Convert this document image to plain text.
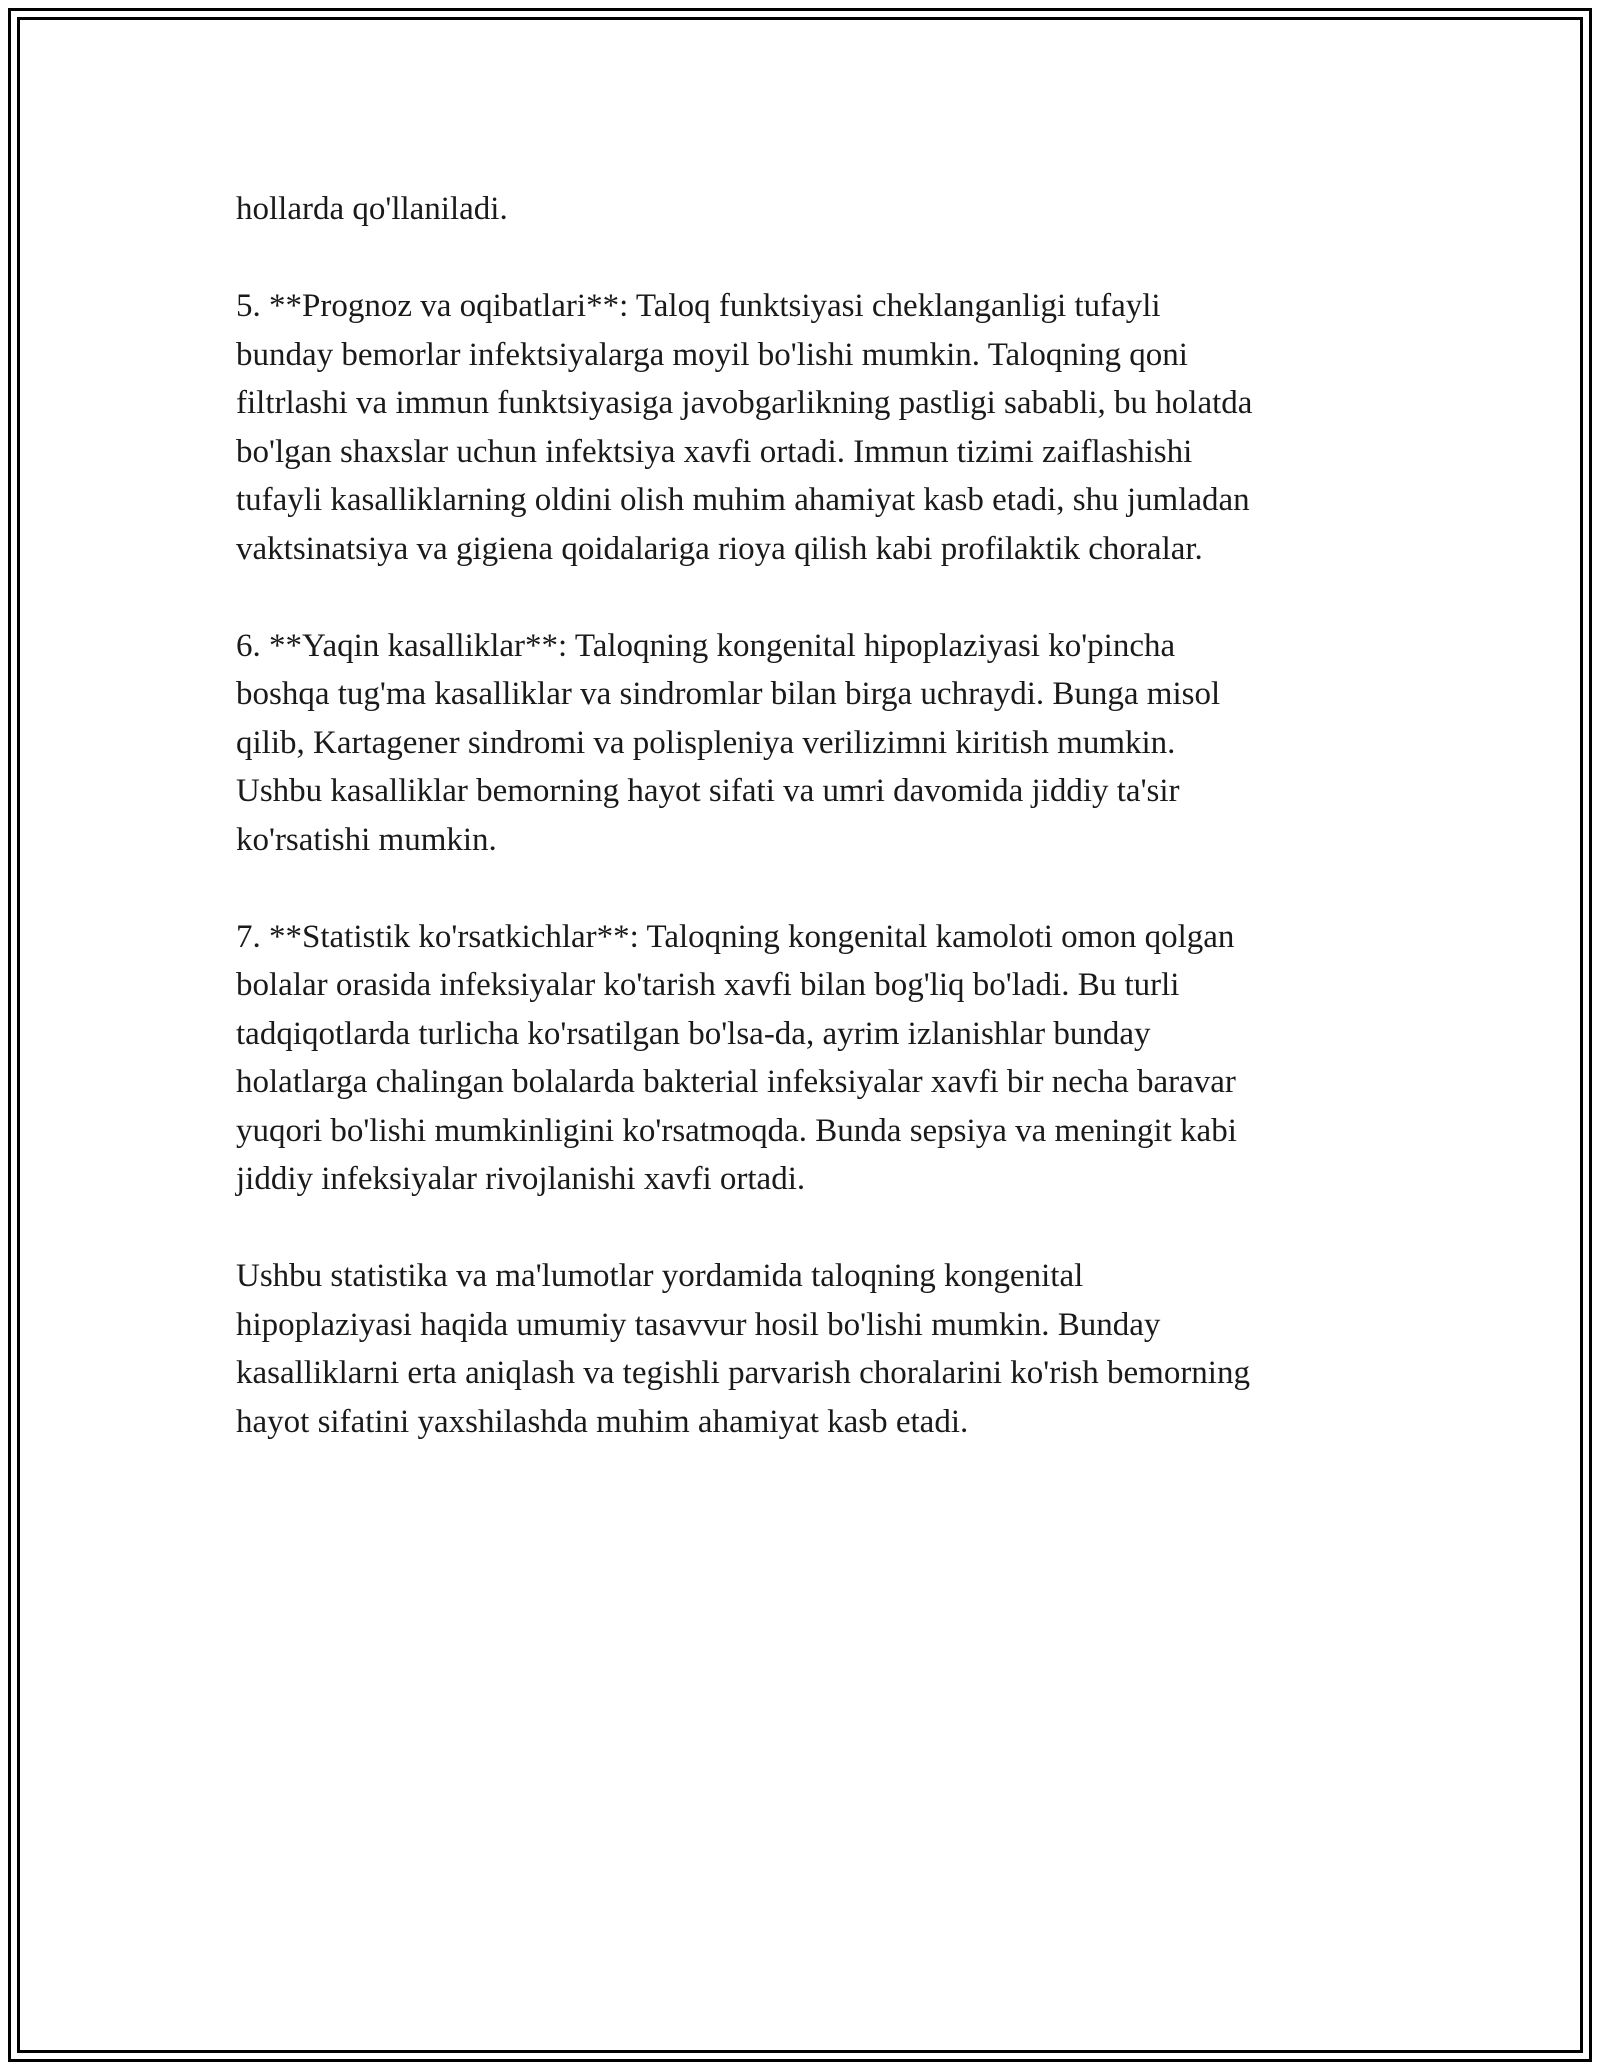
hollarda qo'llaniladi.

5. **Prognoz va oqibatlari**: Taloq funktsiyasi cheklanganligi tufayli
bunday bemorlar infektsiyalarga moyil bo'lishi mumkin. Taloqning qoni
filtrlashi va immun funktsiyasiga javobgarlikning pastligi sababli, bu holatda
bo'lgan shaxslar uchun infektsiya xavfi ortadi. Immun tizimi zaiflashishi
tufayli kasalliklarning oldini olish muhim ahamiyat kasb etadi, shu jumladan
vaktsinatsiya va gigiena qoidalariga rioya qilish kabi profilaktik choralar.

6. **Yaqin kasalliklar**: Taloqning kongenital hipoplaziyasi ko'pincha
boshqa tug'ma kasalliklar va sindromlar bilan birga uchraydi. Bunga misol
qilib, Kartagener sindromi va polispleniya verilizimni kiritish mumkin.
Ushbu kasalliklar bemorning hayot sifati va umri davomida jiddiy ta'sir
ko'rsatishi mumkin.

7. **Statistik ko'rsatkichlar**: Taloqning kongenital kamoloti omon qolgan
bolalar orasida infeksiyalar ko'tarish xavfi bilan bog'liq bo'ladi. Bu turli
tadqiqotlarda turlicha ko'rsatilgan bo'lsa-da, ayrim izlanishlar bunday
holatlarga chalingan bolalarda bakterial infeksiyalar xavfi bir necha baravar
yuqori bo'lishi mumkinligini ko'rsatmoqda. Bunda sepsiya va meningit kabi
jiddiy infeksiyalar rivojlanishi xavfi ortadi.

Ushbu statistika va ma'lumotlar yordamida taloqning kongenital
hipoplaziyasi haqida umumiy tasavvur hosil bo'lishi mumkin. Bunday
kasalliklarni erta aniqlash va tegishli parvarish choralarini ko'rish bemorning
hayot sifatini yaxshilashda muhim ahamiyat kasb etadi.
